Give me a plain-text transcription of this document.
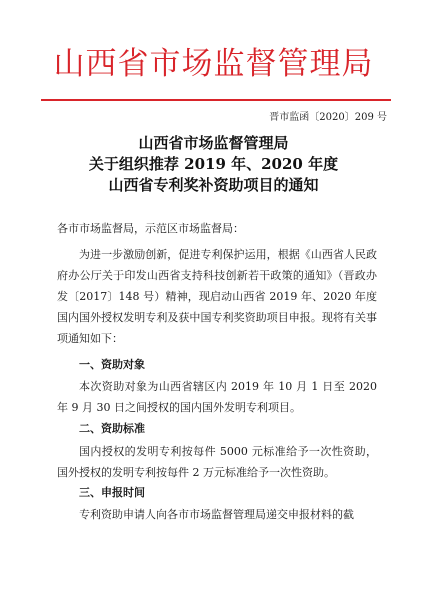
山西省市场监督管理局
晋市监函〔2020〕209 号
山西省市场监督管理局
关于组织推荐 2019 年、2020 年度
山西省专利奖补资助项目的通知
各市市场监督局，示范区市场监督局：
为进一步激励创新，促进专利保护运用，根据《山西省人民政府办公厅关于印发山西省支持科技创新若干政策的通知》（晋政办发〔2017〕148 号）精神，现启动山西省 2019 年、2020 年度国内国外授权发明专利及获中国专利奖资助项目申报。现将有关事项通知如下：
一、资助对象
本次资助对象为山西省辖区内 2019 年 10 月 1 日至 2020 年 9 月 30 日之间授权的国内国外发明专利项目。
二、资助标准
国内授权的发明专利按每件 5000 元标准给予一次性资助，国外授权的发明专利按每件 2 万元标准给予一次性资助。
三、申报时间
专利资助申请人向各市市场监督管理局递交申报材料的截
